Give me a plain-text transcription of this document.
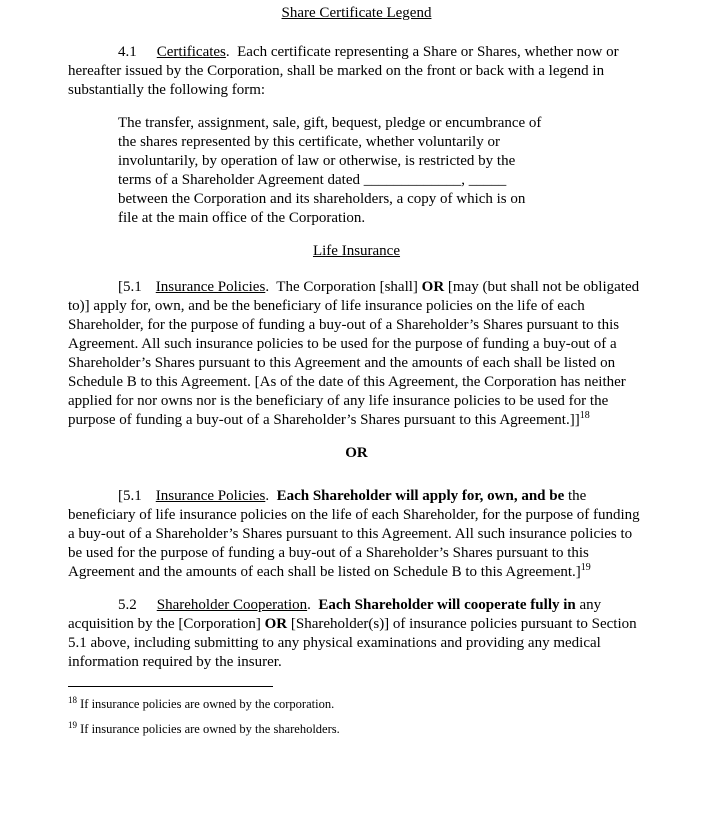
Share Certificate Legend

4.1 Certificates.  Each certificate representing a Share or Shares, whether now or hereafter issued by the Corporation, shall be marked on the front or back with a legend in substantially the following form:

The transfer, assignment, sale, gift, bequest, pledge or encumbrance of the shares represented by this certificate, whether voluntarily or involuntarily, by operation of law or otherwise, is restricted by the terms of a Shareholder Agreement dated _____________, _____ between the Corporation and its shareholders, a copy of which is on file at the main office of the Corporation.

Life Insurance

[5.1 Insurance Policies.  The Corporation [shall] OR [may (but shall not be obligated to)] apply for, own, and be the beneficiary of life insurance policies on the life of each Shareholder, for the purpose of funding a buy-out of a Shareholder’s Shares pursuant to this Agreement. All such insurance policies to be used for the purpose of funding a buy-out of a Shareholder’s Shares pursuant to this Agreement and the amounts of each shall be listed on Schedule B to this Agreement. [As of the date of this Agreement, the Corporation has neither applied for nor owns nor is the beneficiary of any life insurance policies to be used for the purpose of funding a buy-out of a Shareholder’s Shares pursuant to this Agreement.]]$^{18}$

OR

[5.1 Insurance Policies.  Each Shareholder will apply for, own, and be the beneficiary of life insurance policies on the life of each Shareholder, for the purpose of funding a buy-out of a Shareholder’s Shares pursuant to this Agreement. All such insurance policies to be used for the purpose of funding a buy-out of a Shareholder’s Shares pursuant to this Agreement and the amounts of each shall be listed on Schedule B to this Agreement.]$^{19}$

5.2 Shareholder Cooperation.  Each Shareholder will cooperate fully in any acquisition by the [Corporation] OR [Shareholder(s)] of insurance policies pursuant to Section 5.1 above, including submitting to any physical examinations and providing any medical information required by the insurer.

$^{18}$ If insurance policies are owned by the corporation.
$^{19}$ If insurance policies are owned by the shareholders.
